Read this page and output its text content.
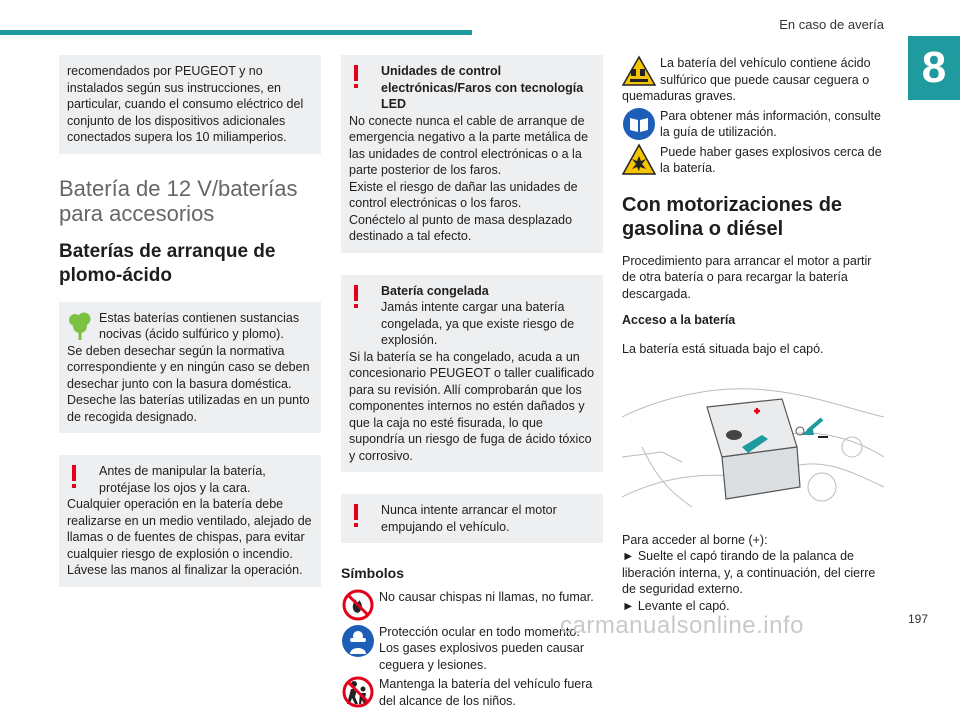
En caso de avería
8

recomendados por PEUGEOT y no instalados según sus instrucciones, en particular, cuando el consumo eléctrico del conjunto de los dispositivos adicionales conectados supera los 10 miliamperios.

Batería de 12 V/baterías para accesorios
Baterías de arranque de plomo-ácido

Estas baterías contienen sustancias nocivas (ácido sulfúrico y plomo).

Se deben desechar según la normativa correspondiente y en ningún caso se deben desechar junto con la basura doméstica. Deseche las baterías utilizadas en un punto de recogida designado.

Antes de manipular la batería, protéjase los ojos y la cara.

Cualquier operación en la batería debe realizarse en un medio ventilado, alejado de llamas o de fuentes de chispas, para evitar cualquier riesgo de explosión o incendio. Lávese las manos al finalizar la operación.

Unidades de control electrónicas/Faros con tecnología LED

No conecte nunca el cable de arranque de emergencia negativo a la parte metálica de las unidades de control electrónicas o a la parte posterior de los faros.

Existe el riesgo de dañar las unidades de control electrónicas o los faros.

Conéctelo al punto de masa desplazado destinado a tal efecto.

Batería congelada

Jamás intente cargar una batería congelada, ya que existe riesgo de explosión.

Si la batería se ha congelado, acuda a un concesionario PEUGEOT o taller cualificado para su revisión. Allí comprobarán que los componentes internos no estén dañados y que la caja no esté fisurada, lo que supondría un riesgo de fuga de ácido tóxico y corrosivo.

Nunca intente arrancar el motor empujando el vehículo.

Símbolos
No causar chispas ni llamas, no fumar.
Protección ocular en todo momento. Los gases explosivos pueden causar ceguera y lesiones.
Mantenga la batería del vehículo fuera del alcance de los niños.
La batería del vehículo contiene ácido sulfúrico que puede causar ceguera o quemaduras graves.
Para obtener más información, consulte la guía de utilización.
Puede haber gases explosivos cerca de la batería.
Con motorizaciones de gasolina o diésel

Procedimiento para arrancar el motor a partir de otra batería o para recargar la batería descargada.

Acceso a la batería

La batería está situada bajo el capó.

Para acceder al borne (+):

► Suelte el capó tirando de la palanca de liberación interna, y, a continuación, del cierre de seguridad externo.

► Levante el capó.

carmanualsonline.info	197
